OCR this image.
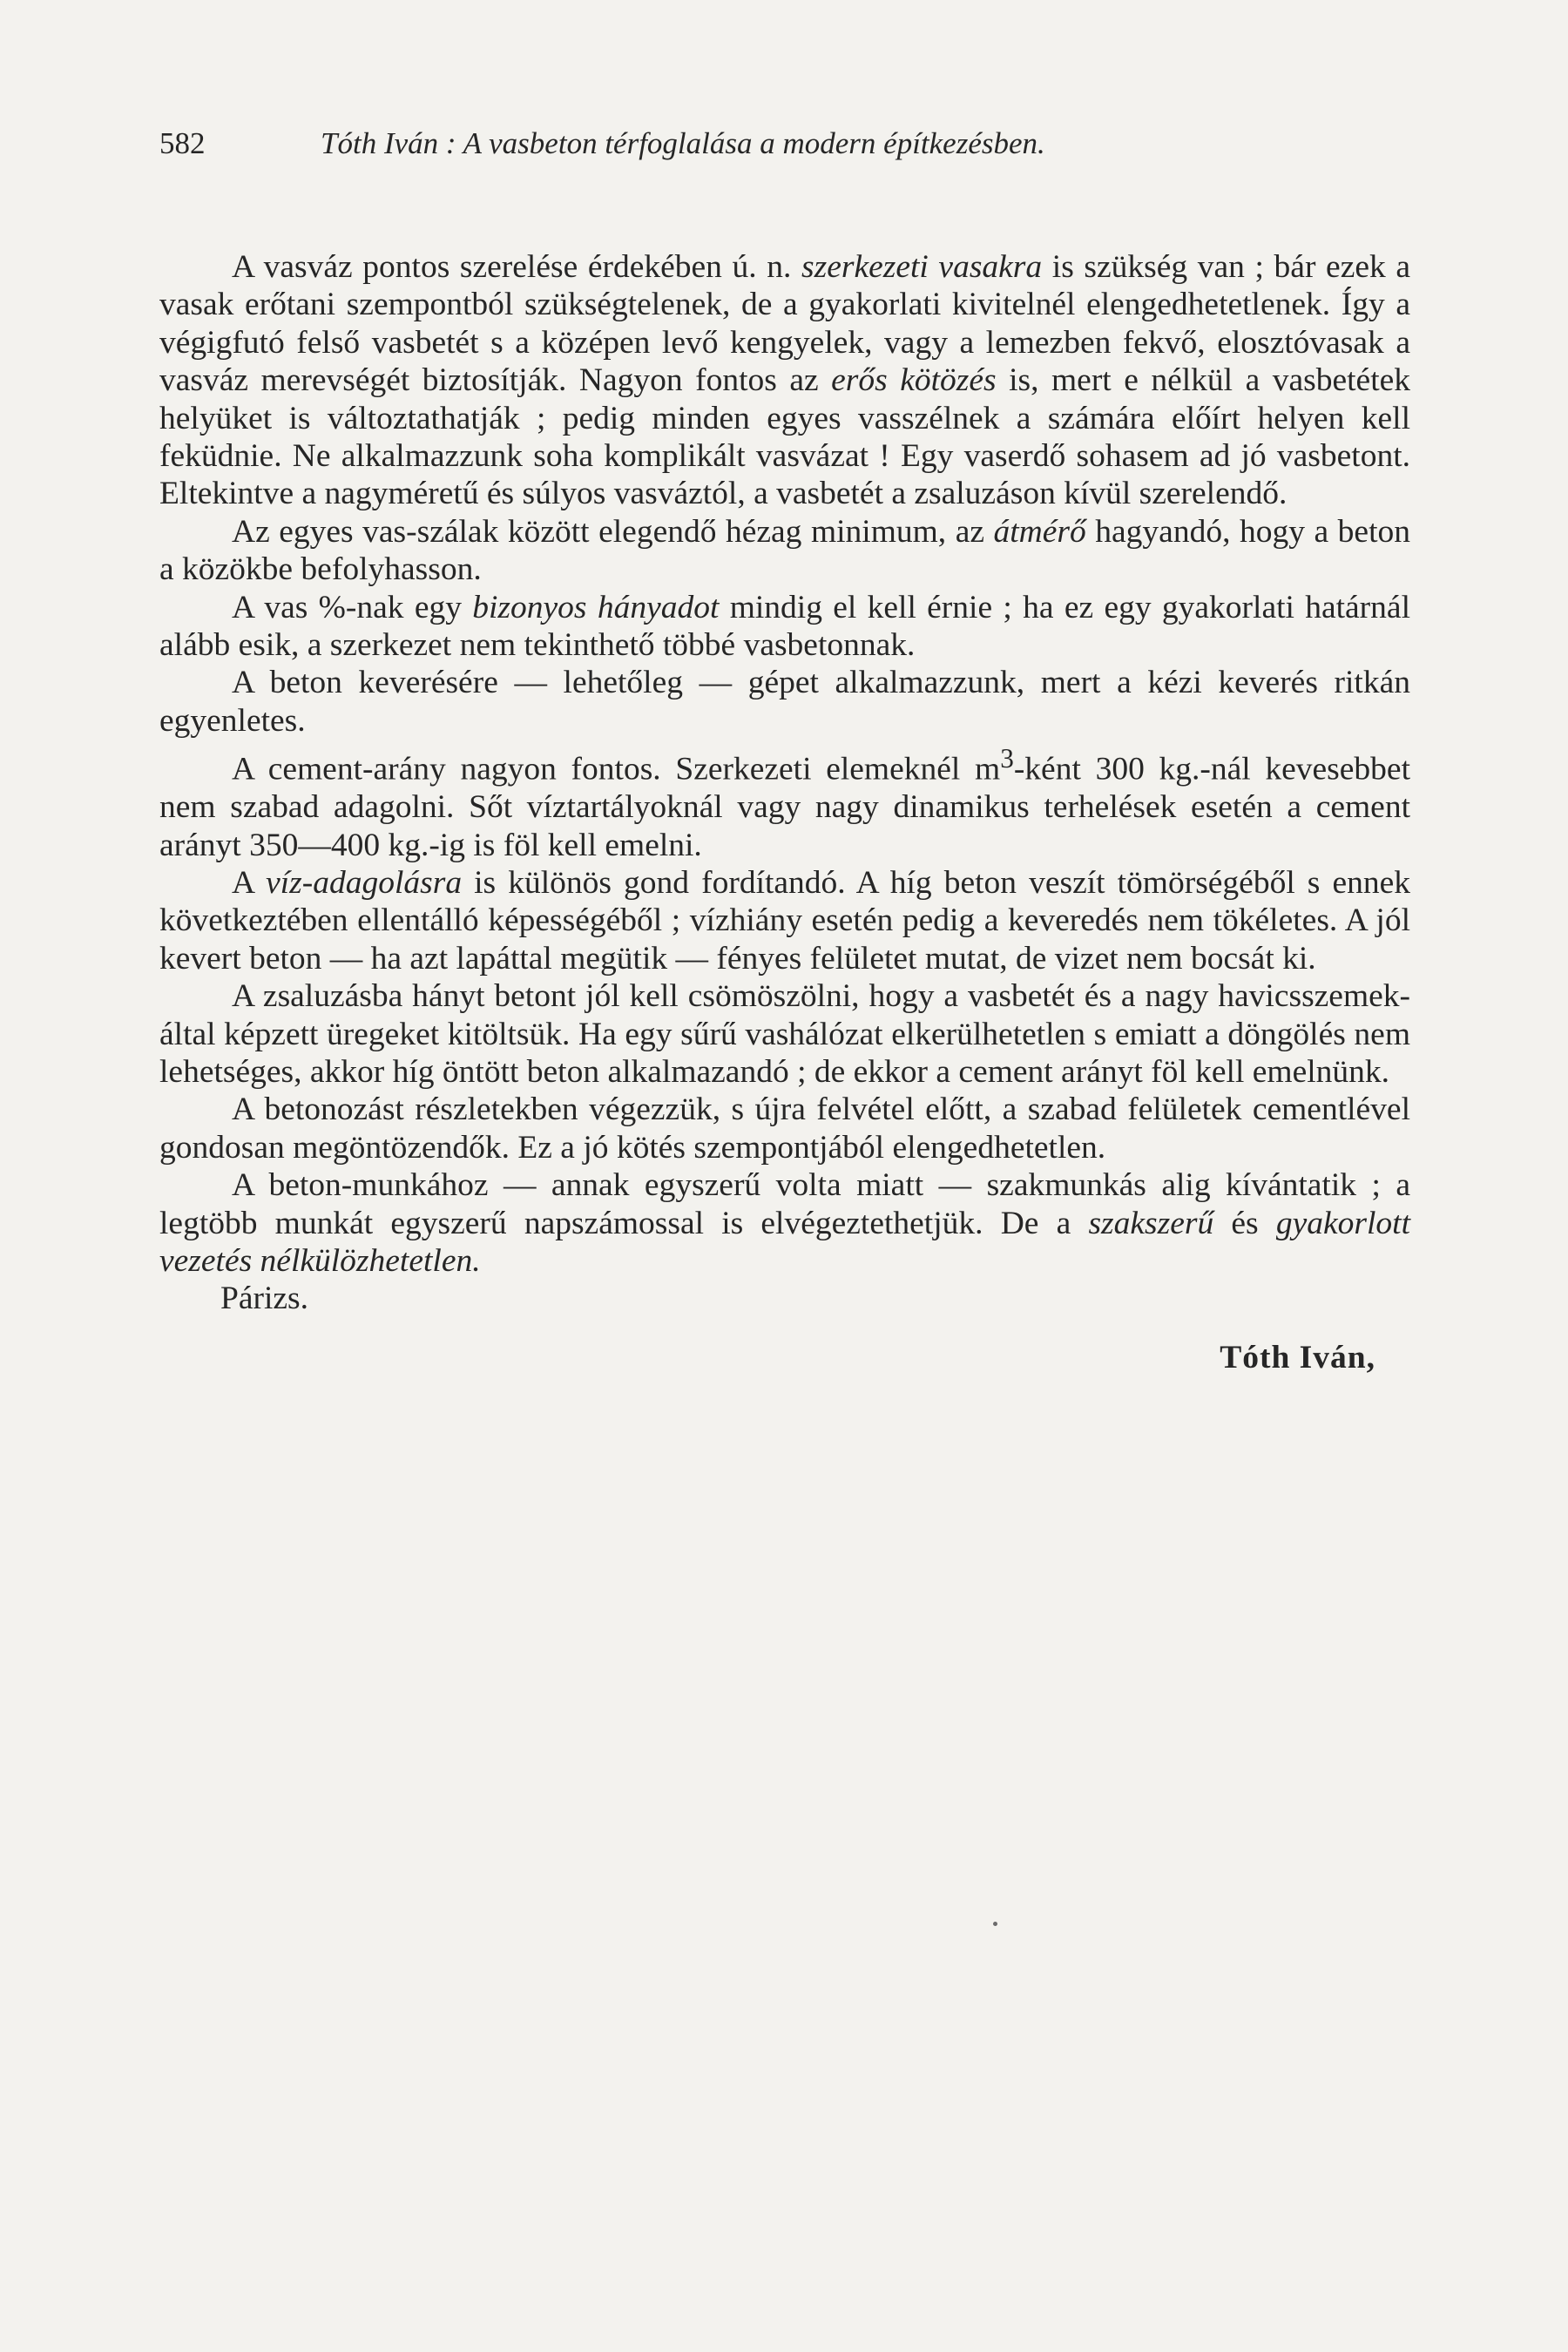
582	Tóth Iván : A vasbeton térfoglalása a modern építkezésben.

A vasváz pontos szerelése érdekében ú. n. szerkezeti vasakra is szükség van ; bár ezek a vasak erőtani szempontból szükségtelenek, de a gyakorlati kivitelnél elengedhetetlenek. Így a végigfutó felső vasbetét s a középen levő kengyelek, vagy a lemezben fekvő, elosztóvasak a vasváz merevségét biztosítják. Nagyon fontos az erős kötözés is, mert e nélkül a vasbetétek helyüket is változtathatják ; pedig minden egyes vasszélnek a számára előírt helyen kell feküdnie. Ne alkalmazzunk soha komplikált vasvázat ! Egy vaserdő sohasem ad jó vasbetont. Eltekintve a nagyméretű és súlyos vasváztól, a vasbetét a zsaluzáson kívül szerelendő.

Az egyes vas-szálak között elegendő hézag minimum, az átmérő hagyandó, hogy a beton a közökbe befolyhasson.

A vas %-nak egy bizonyos hányadot mindig el kell érnie ; ha ez egy gyakorlati határnál alább esik, a szerkezet nem tekinthető többé vasbetonnak.

A beton keverésére — lehetőleg — gépet alkalmazzunk, mert a kézi keverés ritkán egyenletes.

A cement-arány nagyon fontos. Szerkezeti elemeknél $m^3$-ként 300 kg.-nál kevesebbet nem szabad adagolni. Sőt víztartályoknál vagy nagy dinamikus terhelések esetén a cement arányt 350—400 kg.-ig is föl kell emelni.

A víz-adagolásra is különös gond fordítandó. A híg beton veszít tömörségéből s ennek következtében ellentálló képességéből ; vízhiány esetén pedig a keveredés nem tökéletes. A jól kevert beton — ha azt lapáttal megütik — fényes felületet mutat, de vizet nem bocsát ki.

A zsaluzásba hányt betont jól kell csömöszölni, hogy a vasbetét és a nagy havicsszemek- által képzett üregeket kitöltsük. Ha egy sűrű vashálózat elkerülhetetlen s emiatt a döngölés nem lehetséges, akkor híg öntött beton alkalmazandó ; de ekkor a cement arányt föl kell emelnünk.

A betonozást részletekben végezzük, s újra felvétel előtt, a szabad felületek cementlével gondosan megöntözendők. Ez a jó kötés szempontjából elengedhetetlen.

A beton-munkához — annak egyszerű volta miatt — szakmunkás alig kívántatik ; a legtöbb munkát egyszerű napszámossal is elvégeztethetjük. De a szakszerű és gyakorlott vezetés nélkülözhetetlen.

Párizs.

Tóth Iván,
